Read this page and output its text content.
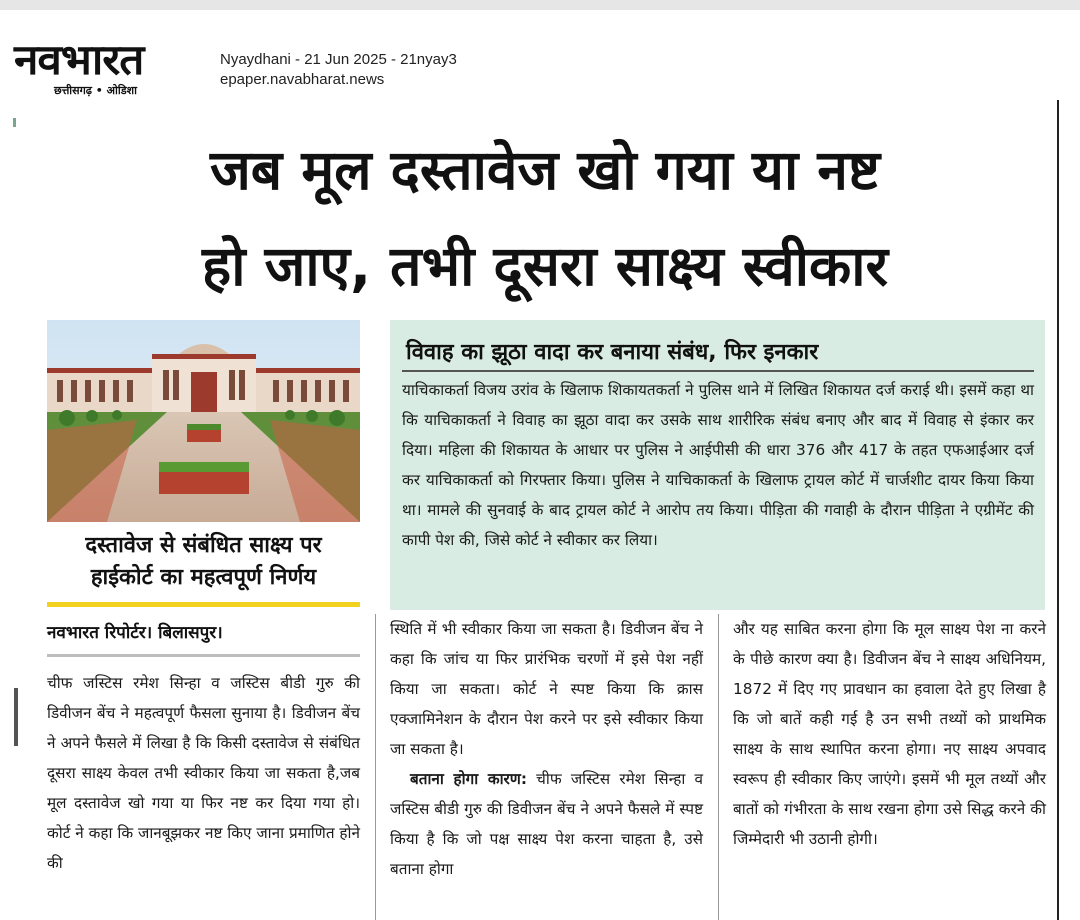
नवभारत
छत्तीसगढ़ • ओडिशा
Nyaydhani - 21 Jun 2025 - 21nyay3
epaper.navabharat.news
जब मूल दस्तावेज खो गया या नष्ट
हो जाए, तभी दूसरा साक्ष्य स्वीकार
दस्तावेज से संबंधित साक्ष्य पर
हाईकोर्ट का महत्वपूर्ण निर्णय
नवभारत रिपोर्टर। बिलासपुर।
विवाह का झूठा वादा कर बनाया संबंध, फिर इनकार
याचिकाकर्ता विजय उरांव के खिलाफ शिकायतकर्ता ने पुलिस थाने में लिखित शिकायत दर्ज कराई थी। इसमें कहा था कि याचिकाकर्ता ने विवाह का झूठा वादा कर उसके साथ शारीरिक संबंध बनाए और बाद में विवाह से इंकार कर दिया। महिला की शिकायत के आधार पर पुलिस ने आईपीसी की धारा 376 और 417 के तहत एफआईआर दर्ज कर याचिकाकर्ता को गिरफ्तार किया। पुलिस ने याचिकाकर्ता के खिलाफ ट्रायल कोर्ट में चार्जशीट दायर किया किया था। मामले की सुनवाई के बाद ट्रायल कोर्ट ने आरोप तय किया। पीड़िता की गवाही के दौरान पीड़िता ने एग्रीमेंट की कापी पेश की, जिसे कोर्ट ने स्वीकार कर लिया।

चीफ जस्टिस रमेश सिन्हा व जस्टिस बीडी गुरु की डिवीजन बेंच ने महत्वपूर्ण फैसला सुनाया है। डिवीजन बेंच ने अपने फैसले में लिखा है कि किसी दस्तावेज से संबंधित दूसरा साक्ष्य केवल तभी स्वीकार किया जा सकता है,जब मूल दस्तावेज खो गया या फिर नष्ट कर दिया गया हो। कोर्ट ने कहा कि जानबूझकर नष्ट किए जाना प्रमाणित होने की

स्थिति में भी स्वीकार किया जा सकता है। डिवीजन बेंच ने कहा कि जांच या फिर प्रारंभिक चरणों में इसे पेश नहीं किया जा सकता। कोर्ट ने स्पष्ट किया कि क्रास एक्जामिनेशन के दौरान पेश करने पर इसे स्वीकार किया जा सकता है।

बताना होगा कारण: चीफ जस्टिस रमेश सिन्हा व जस्टिस बीडी गुरु की डिवीजन बेंच ने अपने फैसले में स्पष्ट किया है कि जो पक्ष साक्ष्य पेश करना चाहता है, उसे बताना होगा

और यह साबित करना होगा कि मूल साक्ष्य पेश ना करने के पीछे कारण क्या है। डिवीजन बेंच ने साक्ष्य अधिनियम, 1872 में दिए गए प्रावधान का हवाला देते हुए लिखा है कि जो बातें कही गई है उन सभी तथ्यों को प्राथमिक साक्ष्य के साथ स्थापित करना होगा। नए साक्ष्य अपवाद स्वरूप ही स्वीकार किए जाएंगे। इसमें भी मूल तथ्यों और बातों को गंभीरता के साथ रखना होगा उसे सिद्ध करने की जिम्मेदारी भी उठानी होगी।
